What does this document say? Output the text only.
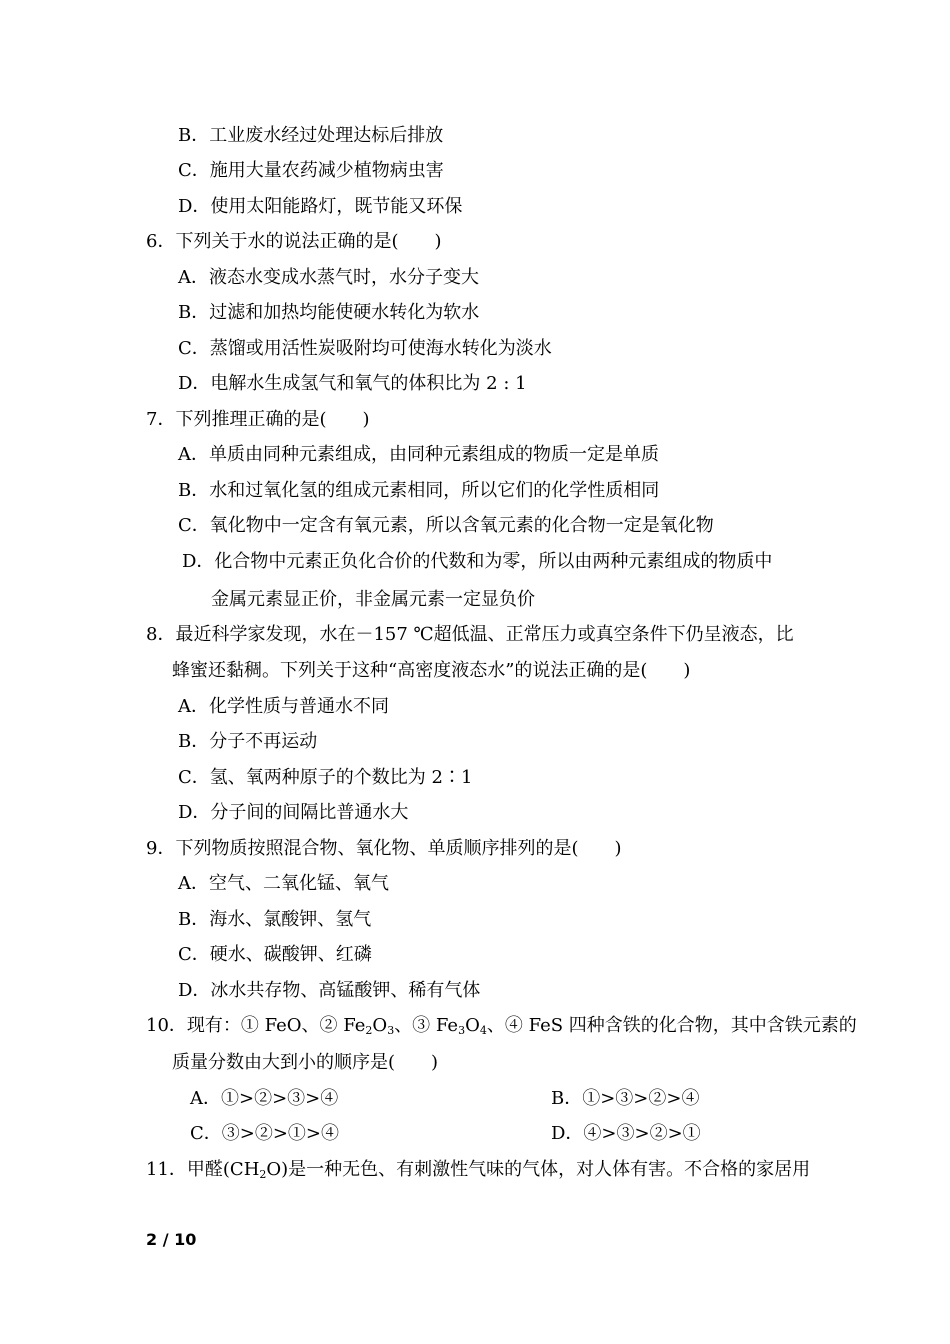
B．工业废水经过处理达标后排放
C．施用大量农药减少植物病虫害
D．使用太阳能路灯，既节能又环保
6．下列关于水的说法正确的是(　　)
A．液态水变成水蒸气时，水分子变大
B．过滤和加热均能使硬水转化为软水
C．蒸馏或用活性炭吸附均可使海水转化为淡水
D．电解水生成氢气和氧气的体积比为 2 : 1
7．下列推理正确的是(　　)
A．单质由同种元素组成，由同种元素组成的物质一定是单质
B．水和过氧化氢的组成元素相同，所以它们的化学性质相同
C．氧化物中一定含有氧元素，所以含氧元素的化合物一定是氧化物
D．化合物中元素正负化合价的代数和为零，所以由两种元素组成的物质中
金属元素显正价，非金属元素一定显负价
8．最近科学家发现，水在－157 ℃超低温、正常压力或真空条件下仍呈液态，比
蜂蜜还黏稠。下列关于这种“高密度液态水”的说法正确的是(　　)
A．化学性质与普通水不同
B．分子不再运动
C．氢、氧两种原子的个数比为 2∶1
D．分子间的间隔比普通水大
9．下列物质按照混合物、氧化物、单质顺序排列的是(　　)
A．空气、二氧化锰、氧气
B．海水、氯酸钾、氢气
C．硬水、碳酸钾、红磷
D．冰水共存物、高锰酸钾、稀有气体
10．现有：① FeO、② $Fe_2O_3$、③ $Fe_3O_4$、④ FeS 四种含铁的化合物，其中含铁元素的
质量分数由大到小的顺序是(　　)
A．①>②>③>④	B．①>③>②>④
C．③>②>①>④	D．④>③>②>①
11．甲醛$(CH_2O)$是一种无色、有刺激性气味的气体，对人体有害。不合格的家居用
2 / 10
